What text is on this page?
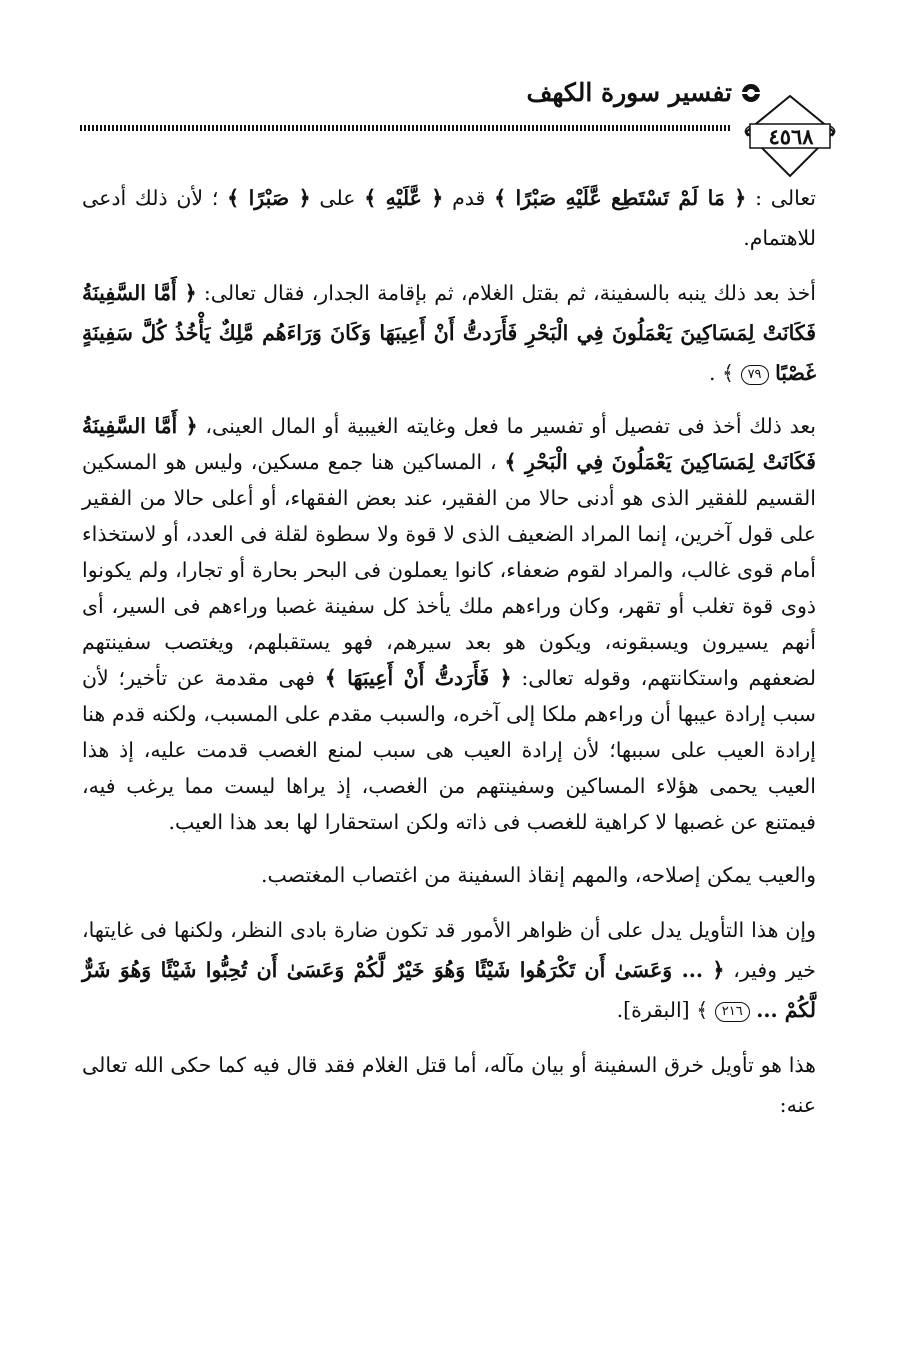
تفسير سورة الكهف
٤٥٦٨

تعالى : ﴿ مَا لَمْ تَسْتَطِع عَّلَيْهِ صَبْرًا ﴾ قدم ﴿ عَّلَيْهِ ﴾ على ﴿ صَبْرًا ﴾ ؛ لأن ذلك أدعى للاهتمام.

أخذ بعد ذلك ينبه بالسفينة، ثم بقتل الغلام، ثم بإقامة الجدار، فقال تعالى: ﴿ أَمَّا السَّفِينَةُ فَكَانَتْ لِمَسَاكِينَ يَعْمَلُونَ فِي الْبَحْرِ فَأَرَدتُّ أَنْ أَعِيبَهَا وَكَانَ وَرَاءَهُم مَّلِكٌ يَأْخُذُ كُلَّ سَفِينَةٍ غَصْبًا ٧٩ ﴾ .

بعد ذلك أخذ فى تفصيل أو تفسير ما فعل وغايته الغيبية أو المال العينى، ﴿ أَمَّا السَّفِينَةُ فَكَانَتْ لِمَسَاكِينَ يَعْمَلُونَ فِي الْبَحْرِ ﴾ ، المساكين هنا جمع مسكين، وليس هو المسكين القسيم للفقير الذى هو أدنى حالا من الفقير، عند بعض الفقهاء، أو أعلى حالا من الفقير على قول آخرين، إنما المراد الضعيف الذى لا قوة ولا سطوة لقلة فى العدد، أو لاستخذاء أمام قوى غالب، والمراد لقوم ضعفاء، كانوا يعملون فى البحر بحارة أو تجارا، ولم يكونوا ذوى قوة تغلب أو تقهر، وكان وراءهم ملك يأخذ كل سفينة غصبا وراءهم فى السير، أى أنهم يسيرون ويسبقونه، ويكون هو بعد سيرهم، فهو يستقبلهم، ويغتصب سفينتهم لضعفهم واستكانتهم، وقوله تعالى: ﴿ فَأَرَدتُّ أَنْ أَعِيبَهَا ﴾ فهى مقدمة عن تأخير؛ لأن سبب إرادة عيبها أن وراءهم ملكا إلى آخره، والسبب مقدم على المسبب، ولكنه قدم هنا إرادة العيب على سببها؛ لأن إرادة العيب هى سبب لمنع الغصب قدمت عليه، إذ هذا العيب يحمى هؤلاء المساكين وسفينتهم من الغصب، إذ يراها ليست مما يرغب فيه، فيمتنع عن غصبها لا كراهية للغصب فى ذاته ولكن استحقارا لها بعد هذا العيب.

والعيب يمكن إصلاحه، والمهم إنقاذ السفينة من اغتصاب المغتصب.

وإن هذا التأويل يدل على أن ظواهر الأمور قد تكون ضارة بادى النظر، ولكنها فى غايتها، خير وفير، ﴿ ... وَعَسَىٰ أَن تَكْرَهُوا شَيْئًا وَهُوَ خَيْرٌ لَّكُمْ وَعَسَىٰ أَن تُحِبُّوا شَيْئًا وَهُوَ شَرٌّ لَّكُمْ ... ٢١٦ ﴾ [البقرة].

هذا هو تأويل خرق السفينة أو بيان مآله، أما قتل الغلام فقد قال فيه كما حكى الله تعالى عنه:
